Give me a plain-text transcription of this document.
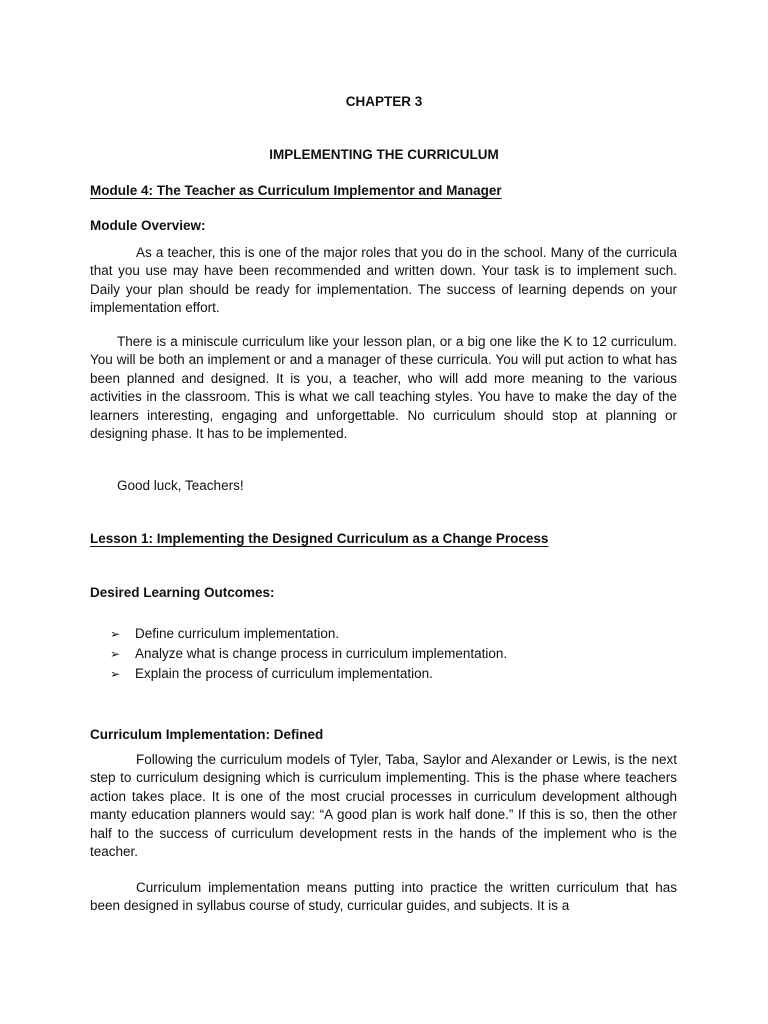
CHAPTER 3
IMPLEMENTING THE CURRICULUM
Module 4: The Teacher as Curriculum Implementor and Manager
Module Overview:

As a teacher, this is one of the major roles that you do in the school. Many of the curricula that you use may have been recommended and written down. Your task is to implement such. Daily your plan should be ready for implementation. The success of learning depends on your implementation effort.

There is a miniscule curriculum like your lesson plan, or a big one like the K to 12 curriculum. You will be both an implement or and a manager of these curricula. You will put action to what has been planned and designed. It is you, a teacher, who will add more meaning to the various activities in the classroom. This is what we call teaching styles. You have to make the day of the learners interesting, engaging and unforgettable. No curriculum should stop at planning or designing phase. It has to be implemented.

Good luck, Teachers!

Lesson 1: Implementing the Designed Curriculum as a Change Process
Desired Learning Outcomes:
➢ Define curriculum implementation.
➢ Analyze what is change process in curriculum implementation.
➢ Explain the process of curriculum implementation.
Curriculum Implementation: Defined

Following the curriculum models of Tyler, Taba, Saylor and Alexander or Lewis, is the next step to curriculum designing which is curriculum implementing. This is the phase where teachers action takes place. It is one of the most crucial processes in curriculum development although manty education planners would say: “A good plan is work half done.” If this is so, then the other half to the success of curriculum development rests in the hands of the implement who is the teacher.

Curriculum implementation means putting into practice the written curriculum that has been designed in syllabus course of study, curricular guides, and subjects. It is a
